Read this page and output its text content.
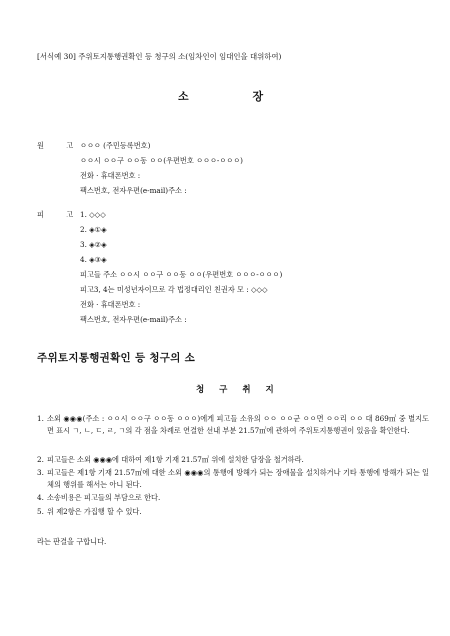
[서식예 30] 주위토지통행권확인 등 청구의 소(임차인이 임대인을 대위하여)
소 장
원 고
ㅇㅇㅇ (주민등록번호)
ㅇㅇ시 ㅇㅇ구 ㅇㅇ동 ㅇㅇ(우편번호 ㅇㅇㅇ-ㅇㅇㅇ)
전화 · 휴대폰번호 :
팩스번호, 전자우편(e-mail)주소 :
피 고
1. ◇◇◇
2. ◈①◈
3. ◈②◈
4. ◈③◈
피고들 주소 ㅇㅇ시 ㅇㅇ구 ㅇㅇ동 ㅇㅇ(우편번호 ㅇㅇㅇ-ㅇㅇㅇ)
피고3, 4는 미성년자이므로 각 법정대리인 친권자 모 : ◇◇◇
전화 · 휴대폰번호 :
팩스번호, 전자우편(e-mail)주소 :
주위토지통행권확인 등 청구의 소
청 구 취 지
1. 소외 ◉◉◉(주소 : ㅇㅇ시 ㅇㅇ구 ㅇㅇ동 ㅇㅇㅇ)에게 피고들 소유의 ㅇㅇ ㅇㅇ군 ㅇㅇ면 ㅇㅇ리 ㅇㅇ 대 869㎡ 중 별지도면 표시 ㄱ, ㄴ, ㄷ, ㄹ, ㄱ의 각 점을 차례로 연결한 선내 부분 21.57㎡에 관하여 주위토지통행권이 있음을 확인한다.
2. 피고들은 소외 ◉◉◉에 대하여 제1항 기재 21.57㎡ 위에 설치한 담장을 철거하라.
3. 피고들은 제1항 기재 21.57㎡에 대한 소외 ◉◉◉의 통행에 방해가 되는 장애물을 설치하거나 기타 통행에 방해가 되는 일체의 행위를 해서는 아니 된다.
4. 소송비용은 피고들의 부담으로 한다.
5. 위 제2항은 가집행 할 수 있다.
라는 판결을 구합니다.
